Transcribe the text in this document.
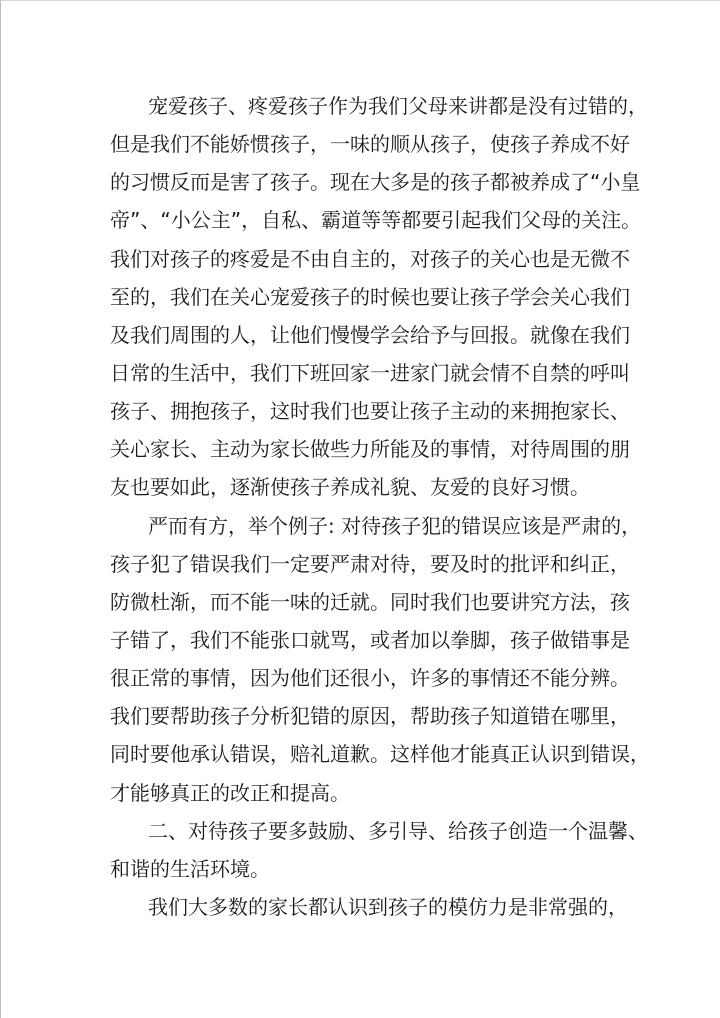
宠爱孩子、疼爱孩子作为我们父母来讲都是没有过错的，
但是我们不能娇惯孩子，一味的顺从孩子，使孩子养成不好
的习惯反而是害了孩子。现在大多是的孩子都被养成了“小皇
帝”、“小公主”，自私、霸道等等都要引起我们父母的关注。
我们对孩子的疼爱是不由自主的，对孩子的关心也是无微不
至的，我们在关心宠爱孩子的时候也要让孩子学会关心我们
及我们周围的人，让他们慢慢学会给予与回报。就像在我们
日常的生活中，我们下班回家一进家门就会情不自禁的呼叫
孩子、拥抱孩子，这时我们也要让孩子主动的来拥抱家长、
关心家长、主动为家长做些力所能及的事情，对待周围的朋
友也要如此，逐渐使孩子养成礼貌、友爱的良好习惯。
严而有方，举个例子: 对待孩子犯的错误应该是严肃的，
孩子犯了错误我们一定要严肃对待，要及时的批评和纠正，
防微杜渐，而不能一味的迁就。同时我们也要讲究方法，孩
子错了，我们不能张口就骂，或者加以拳脚，孩子做错事是
很正常的事情，因为他们还很小，许多的事情还不能分辨。
我们要帮助孩子分析犯错的原因，帮助孩子知道错在哪里，
同时要他承认错误，赔礼道歉。这样他才能真正认识到错误，
才能够真正的改正和提高。
二、对待孩子要多鼓励、多引导、给孩子创造一个温馨、
和谐的生活环境。
我们大多数的家长都认识到孩子的模仿力是非常强的，
